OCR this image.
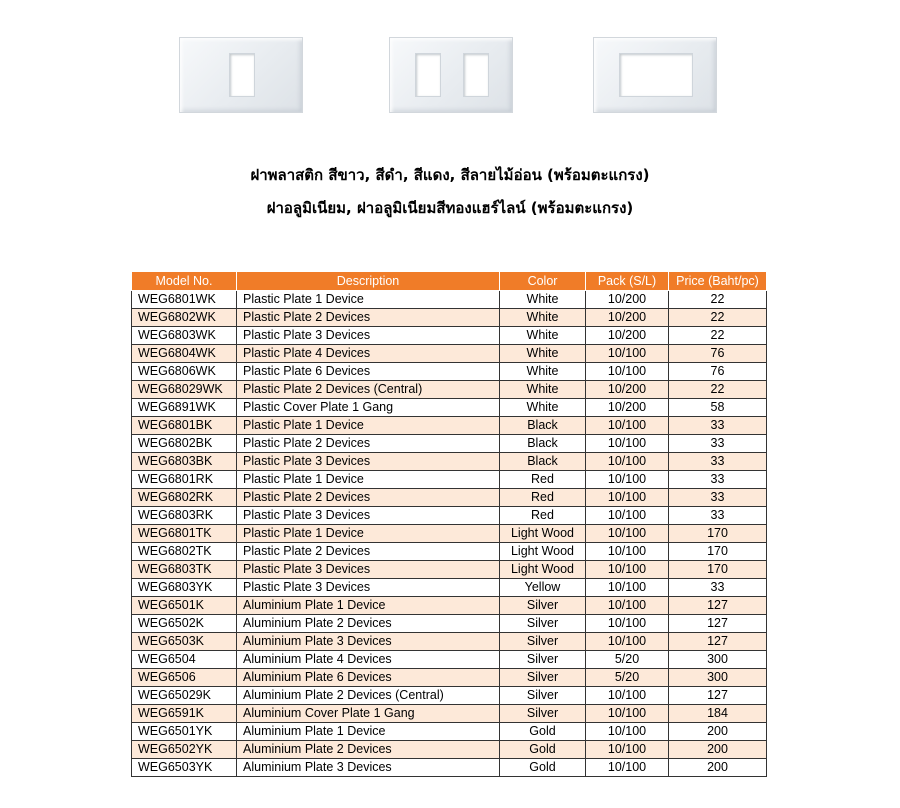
ฝาพลาสติก สีขาว, สีดำ, สีแดง, สีลายไม้อ่อน (พร้อมตะแกรง)
ฝาอลูมิเนียม, ฝาอลูมิเนียมสีทองแฮร์ไลน์ (พร้อมตะแกรง)
Model No.	Description	Color	Pack (S/L)	Price (Baht/pc)
WEG6801WK	Plastic Plate 1 Device	White	10/200	22
WEG6802WK	Plastic Plate 2 Devices	White	10/200	22
WEG6803WK	Plastic Plate 3 Devices	White	10/200	22
WEG6804WK	Plastic Plate 4 Devices	White	10/100	76
WEG6806WK	Plastic Plate 6 Devices	White	10/100	76
WEG68029WK	Plastic Plate 2 Devices (Central)	White	10/200	22
WEG6891WK	Plastic Cover Plate 1 Gang	White	10/200	58
WEG6801BK	Plastic Plate 1 Device	Black	10/100	33
WEG6802BK	Plastic Plate 2 Devices	Black	10/100	33
WEG6803BK	Plastic Plate 3 Devices	Black	10/100	33
WEG6801RK	Plastic Plate 1 Device	Red	10/100	33
WEG6802RK	Plastic Plate 2 Devices	Red	10/100	33
WEG6803RK	Plastic Plate 3 Devices	Red	10/100	33
WEG6801TK	Plastic Plate 1 Device	Light Wood	10/100	170
WEG6802TK	Plastic Plate 2 Devices	Light Wood	10/100	170
WEG6803TK	Plastic Plate 3 Devices	Light Wood	10/100	170
WEG6803YK	Plastic Plate 3 Devices	Yellow	10/100	33
WEG6501K	Aluminium Plate 1 Device	Silver	10/100	127
WEG6502K	Aluminium Plate 2 Devices	Silver	10/100	127
WEG6503K	Aluminium Plate 3 Devices	Silver	10/100	127
WEG6504	Aluminium Plate 4 Devices	Silver	5/20	300
WEG6506	Aluminium Plate 6 Devices	Silver	5/20	300
WEG65029K	Aluminium Plate 2 Devices (Central)	Silver	10/100	127
WEG6591K	Aluminium Cover Plate 1 Gang	Silver	10/100	184
WEG6501YK	Aluminium Plate 1 Device	Gold	10/100	200
WEG6502YK	Aluminium Plate 2 Devices	Gold	10/100	200
WEG6503YK	Aluminium Plate 3 Devices	Gold	10/100	200
